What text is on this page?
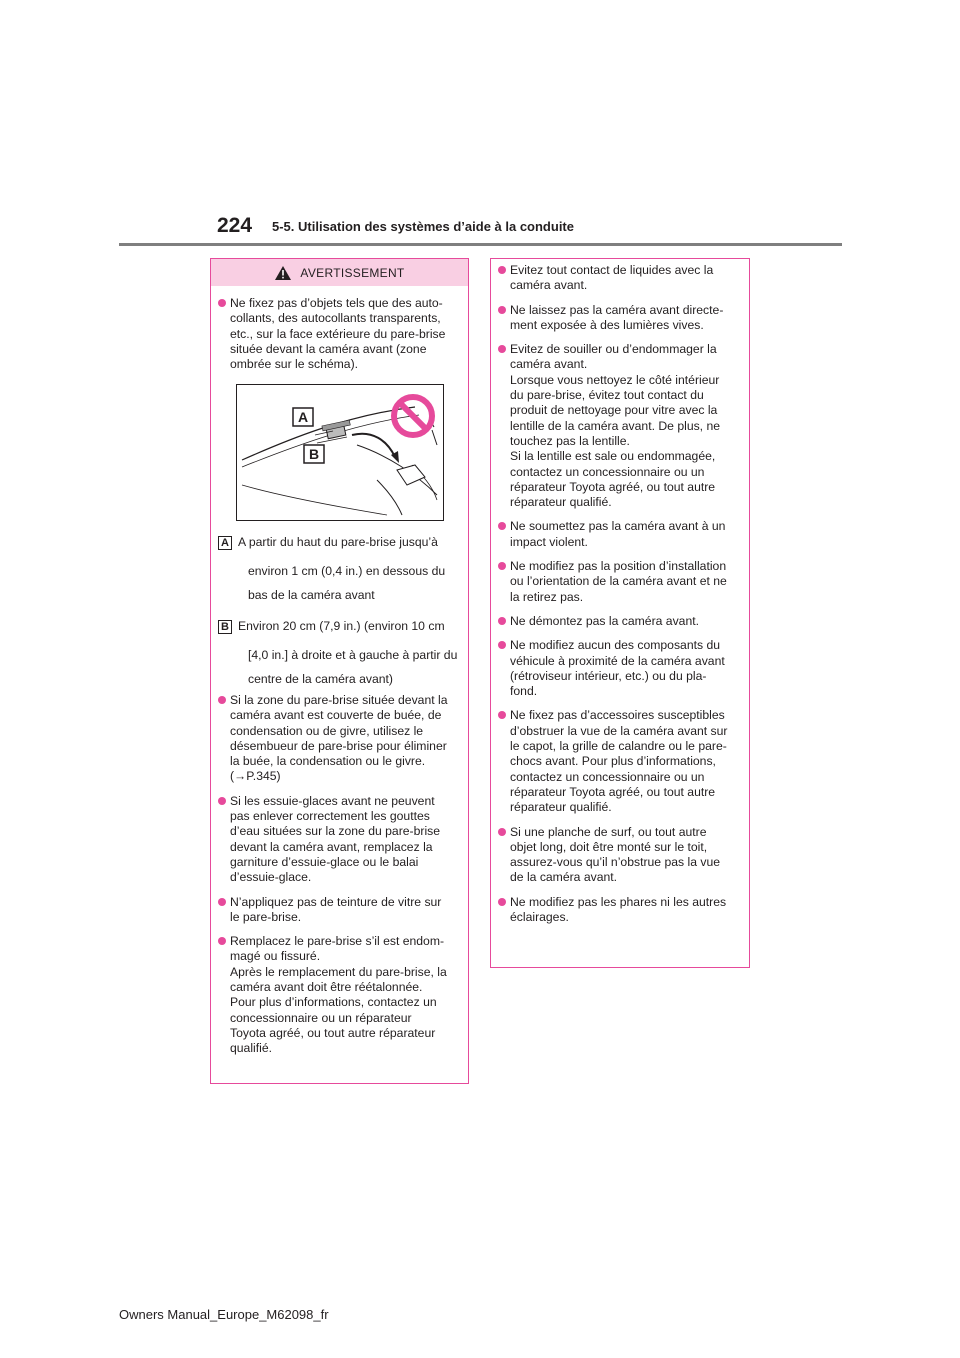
224 5-5. Utilisation des systèmes d’aide à la conduite
AVERTISSEMENT
Ne fixez pas d’objets tels que des auto-
collants, des autocollants transparents,
etc., sur la face extérieure du pare-brise
située devant la caméra avant (zone
ombrée sur le schéma).
A
B
A A partir du haut du pare-brise jusqu’à
environ 1 cm (0,4 in.) en dessous du
bas de la caméra avant
B Environ 20 cm (7,9 in.) (environ 10 cm
[4,0 in.] à droite et à gauche à partir du
centre de la caméra avant)
Si la zone du pare-brise située devant la
caméra avant est couverte de buée, de
condensation ou de givre, utilisez le
désembueur de pare-brise pour éliminer
la buée, la condensation ou le givre.
(→P.345)
Si les essuie-glaces avant ne peuvent
pas enlever correctement les gouttes
d’eau situées sur la zone du pare-brise
devant la caméra avant, remplacez la
garniture d’essuie-glace ou le balai
d’essuie-glace.
N’appliquez pas de teinture de vitre sur
le pare-brise.
Remplacez le pare-brise s’il est endom-
magé ou fissuré.
Après le remplacement du pare-brise, la
caméra avant doit être réétalonnée.
Pour plus d’informations, contactez un
concessionnaire ou un réparateur
Toyota agréé, ou tout autre réparateur
qualifié.
Evitez tout contact de liquides avec la
caméra avant.
Ne laissez pas la caméra avant directe-
ment exposée à des lumières vives.
Evitez de souiller ou d’endommager la
caméra avant.
Lorsque vous nettoyez le côté intérieur
du pare-brise, évitez tout contact du
produit de nettoyage pour vitre avec la
lentille de la caméra avant. De plus, ne
touchez pas la lentille.
Si la lentille est sale ou endommagée,
contactez un concessionnaire ou un
réparateur Toyota agréé, ou tout autre
réparateur qualifié.
Ne soumettez pas la caméra avant à un
impact violent.
Ne modifiez pas la position d’installation
ou l’orientation de la caméra avant et ne
la retirez pas.
Ne démontez pas la caméra avant.
Ne modifiez aucun des composants du
véhicule à proximité de la caméra avant
(rétroviseur intérieur, etc.) ou du pla-
fond.
Ne fixez pas d’accessoires susceptibles
d’obstruer la vue de la caméra avant sur
le capot, la grille de calandre ou le pare-
chocs avant. Pour plus d’informations,
contactez un concessionnaire ou un
réparateur Toyota agréé, ou tout autre
réparateur qualifié.
Si une planche de surf, ou tout autre
objet long, doit être monté sur le toit,
assurez-vous qu’il n’obstrue pas la vue
de la caméra avant.
Ne modifiez pas les phares ni les autres
éclairages.
Owners Manual_Europe_M62098_fr
